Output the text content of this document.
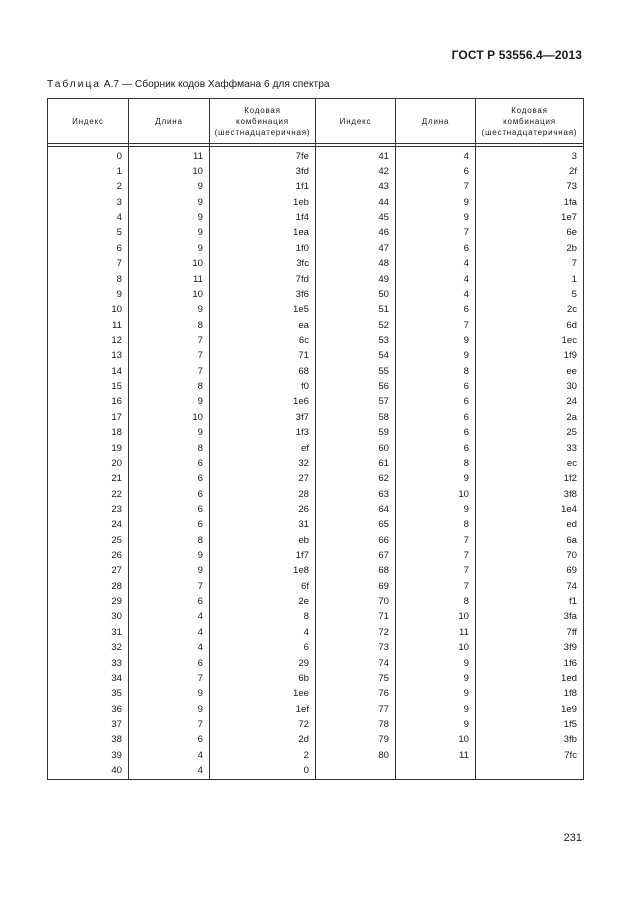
ГОСТ Р 53556.4—2013
Таблица А.7 — Сборник кодов Хаффмана 6 для спектра
Индекс	Длина	Кодовая
комбинация
(шестнадцатеричная)	Индекс	Длина	Кодовая
комбинация
(шестнадцатеричная)

0	11	7fe	41	4	3
1	10	3fd	42	6	2f
2	9	1f1	43	7	73
3	9	1eb	44	9	1fa
4	9	1f4	45	9	1e7
5	9	1ea	46	7	6e
6	9	1f0	47	6	2b
7	10	3fc	48	4	7
8	11	7fd	49	4	1
9	10	3f6	50	4	5
10	9	1e5	51	6	2c
11	8	ea	52	7	6d
12	7	6c	53	9	1ec
13	7	71	54	9	1f9
14	7	68	55	8	ee
15	8	f0	56	6	30
16	9	1e6	57	6	24
17	10	3f7	58	6	2a
18	9	1f3	59	6	25
19	8	ef	60	6	33
20	6	32	61	8	ec
21	6	27	62	9	1f2
22	6	28	63	10	3f8
23	6	26	64	9	1e4
24	6	31	65	8	ed
25	8	eb	66	7	6a
26	9	1f7	67	7	70
27	9	1e8	68	7	69
28	7	6f	69	7	74
29	6	2e	70	8	f1
30	4	8	71	10	3fa
31	4	4	72	11	7ff
32	4	6	73	10	3f9
33	6	29	74	9	1f6
34	7	6b	75	9	1ed
35	9	1ee	76	9	1f8
36	9	1ef	77	9	1e9
37	7	72	78	9	1f5
38	6	2d	79	10	3fb
39	4	2	80	11	7fc
40	4	0			
231
